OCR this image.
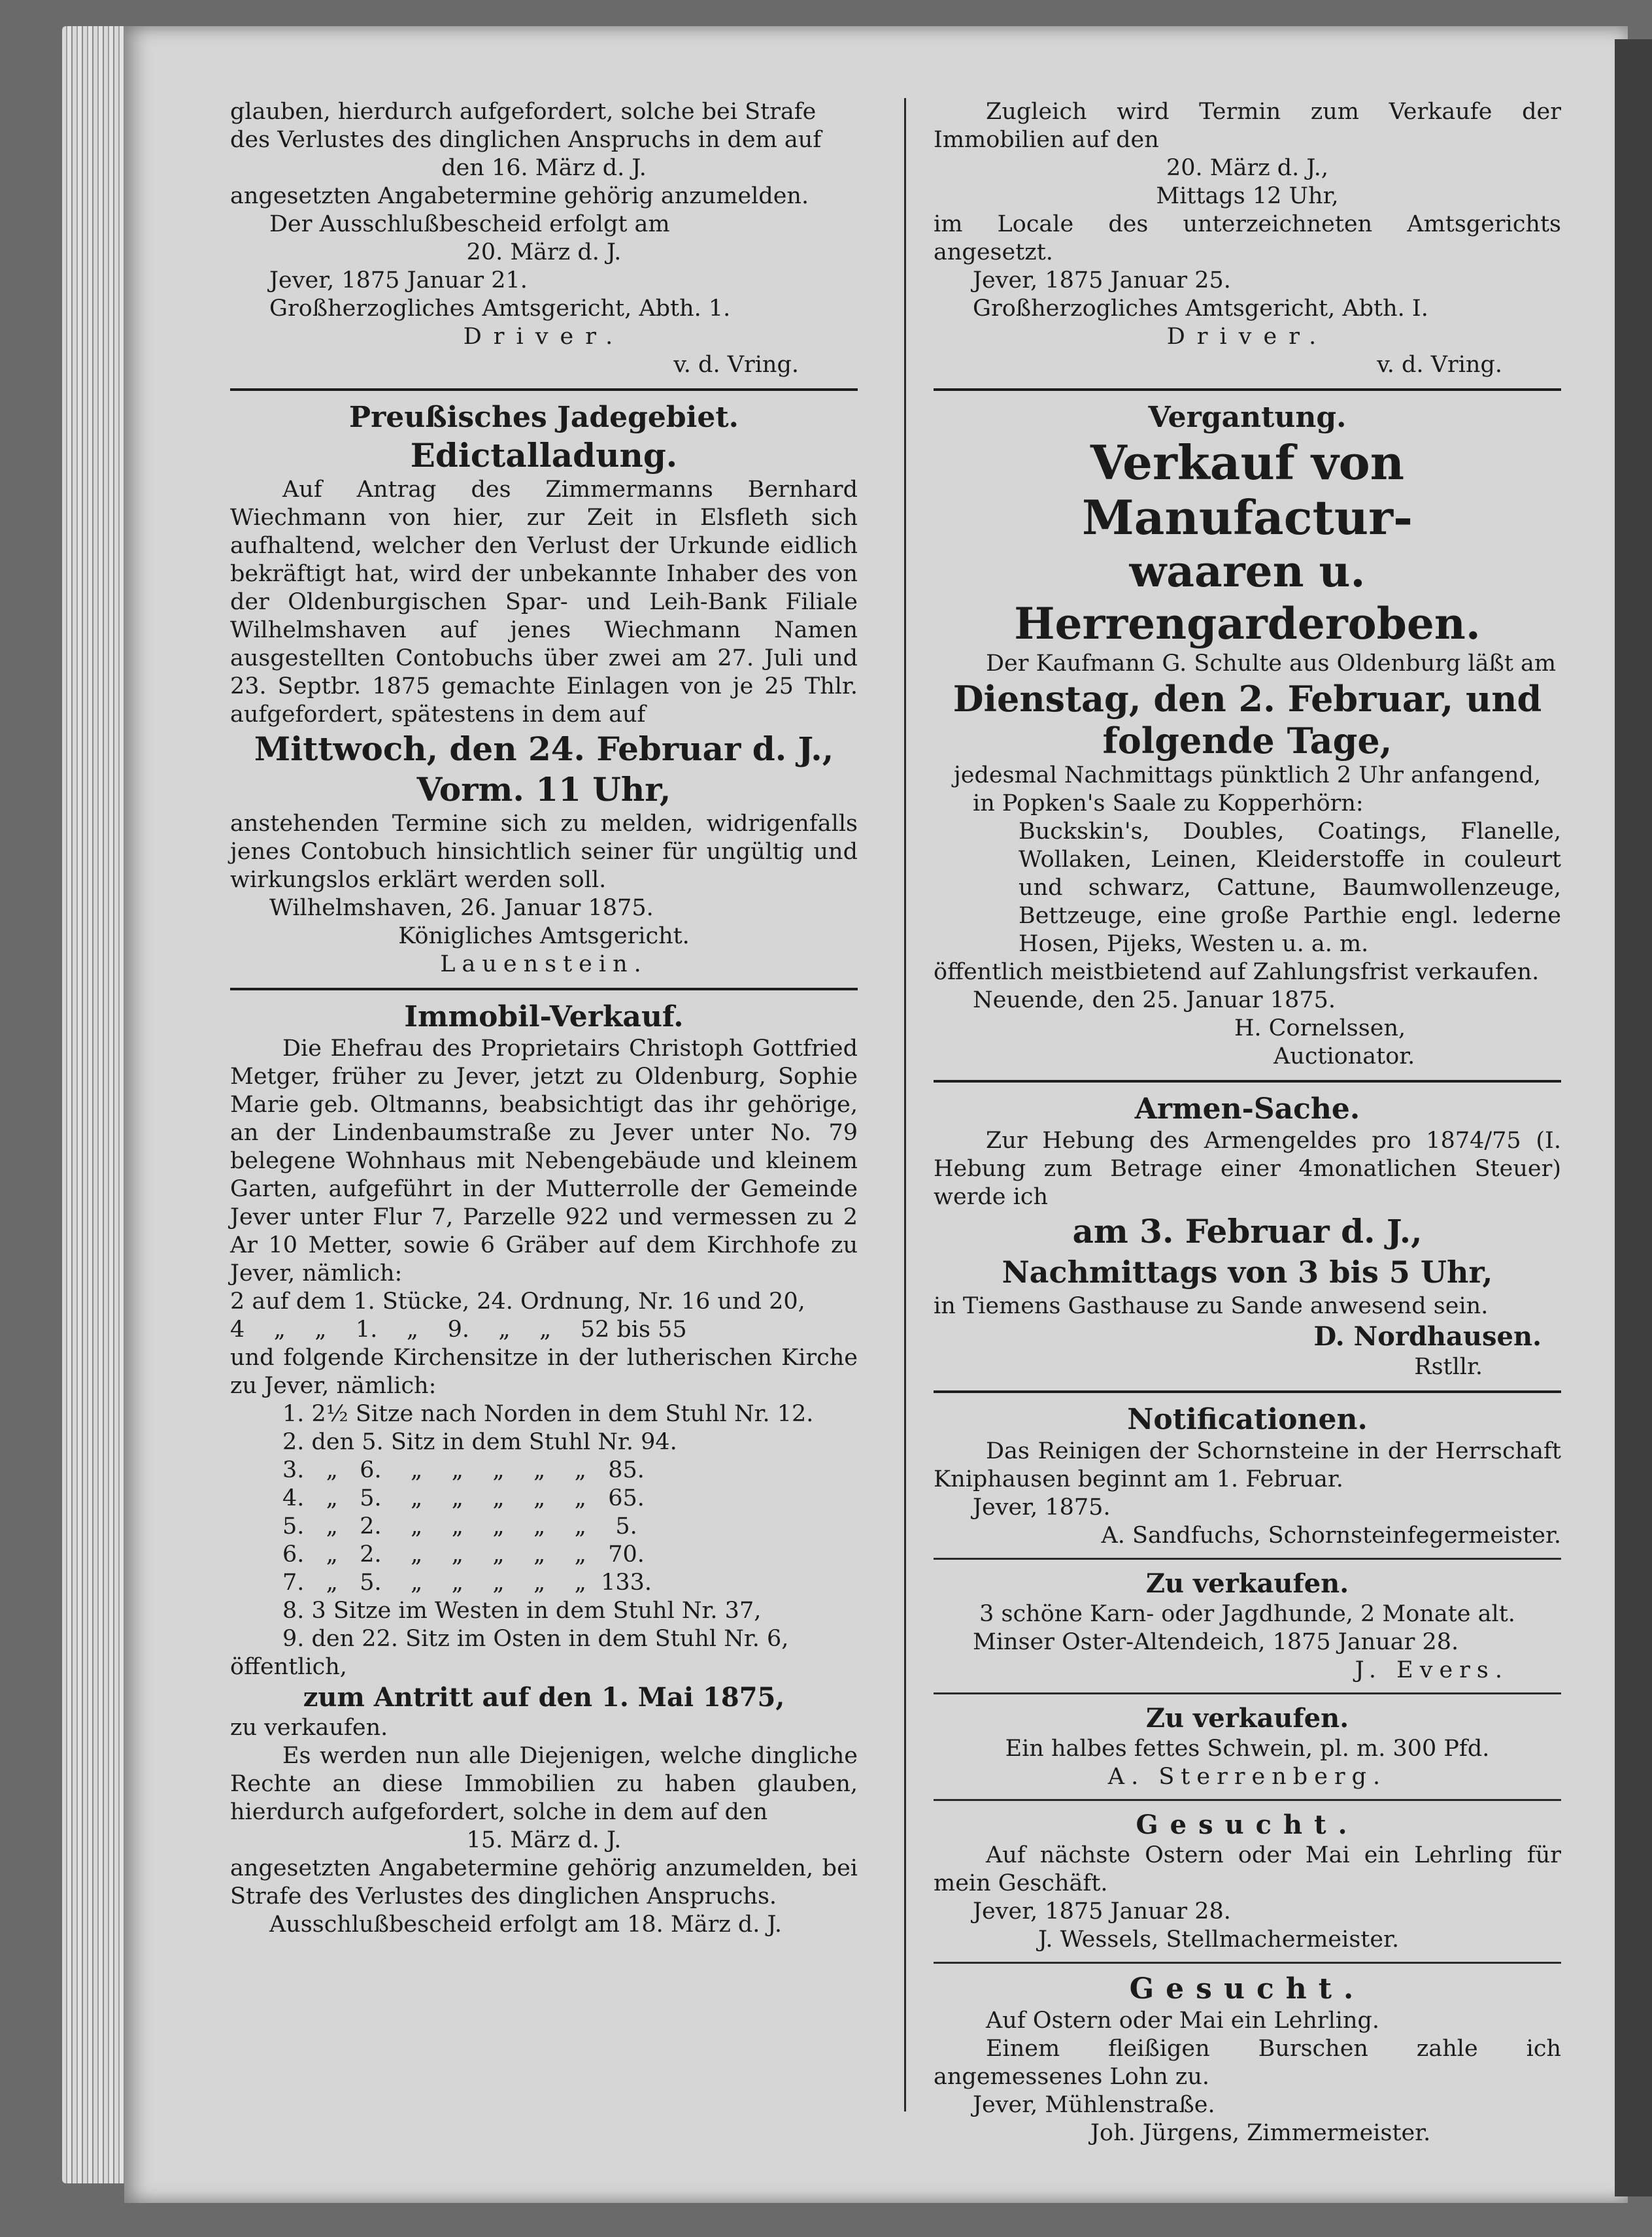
glauben, hierdurch aufgefordert, solche bei Strafe

des Verlustes des dinglichen Anspruchs in dem auf

den 16. März d. J.

angesetzten Angabetermine gehörig anzumelden.

Der Ausschlußbescheid erfolgt am

20. März d. J.

Jever, 1875 Januar 21.

Großherzogliches Amtsgericht, Abth. 1.

Driver.

v. d. Vring.

Preußisches Jadegebiet.

Edictalladung.

Auf Antrag des Zimmermanns Bernhard Wiechmann von hier, zur Zeit in Elsfleth sich aufhaltend, welcher den Verlust der Urkunde eidlich bekräftigt hat, wird der unbekannte Inhaber des von der Oldenburgischen Spar- und Leih-Bank Filiale Wilhelmshaven auf jenes Wiechmann Namen ausgestellten Contobuchs über zwei am 27. Juli und 23. Septbr. 1875 gemachte Einlagen von je 25 Thlr. aufgefordert, spätestens in dem auf

Mittwoch, den 24. Februar d. J.,

Vorm. 11 Uhr,

anstehenden Termine sich zu melden, widrigenfalls jenes Contobuch hinsichtlich seiner für ungültig und wirkungslos erklärt werden soll.

Wilhelmshaven, 26. Januar 1875.

Königliches Amtsgericht.

Lauenstein.

Immobil-Verkauf.

Die Ehefrau des Proprietairs Christoph Gottfried Metger, früher zu Jever, jetzt zu Oldenburg, Sophie Marie geb. Oltmanns, beabsichtigt das ihr gehörige, an der Lindenbaumstraße zu Jever unter No. 79 belegene Wohnhaus mit Nebengebäude und kleinem Garten, aufgeführt in der Mutterrolle der Gemeinde Jever unter Flur 7, Parzelle 922 und vermessen zu 2 Ar 10 Metter, sowie 6 Gräber auf dem Kirchhofe zu Jever, nämlich:

2 auf dem 1. Stücke, 24. Ordnung, Nr. 16 und 20,

4    „    „    1.    „    9.    „    „    52 bis 55

und folgende Kirchensitze in der lutherischen Kirche zu Jever, nämlich:

1. 2½ Sitze nach Norden in dem Stuhl Nr. 12.

2. den 5. Sitz in dem Stuhl Nr. 94.

3.   „   6.    „    „    „    „    „   85.

4.   „   5.    „    „    „    „    „   65.

5.   „   2.    „    „    „    „    „    5.

6.   „   2.    „    „    „    „    „   70.

7.   „   5.    „    „    „    „    „  133.

8. 3 Sitze im Westen in dem Stuhl Nr. 37,

9. den 22. Sitz im Osten in dem Stuhl Nr. 6,

öffentlich,

zum Antritt auf den 1. Mai 1875,

zu verkaufen.

Es werden nun alle Diejenigen, welche dingliche Rechte an diese Immobilien zu haben glauben, hierdurch aufgefordert, solche in dem auf den

15. März d. J.

angesetzten Angabetermine gehörig anzumelden, bei Strafe des Verlustes des dinglichen Anspruchs.

Ausschlußbescheid erfolgt am 18. März d. J.

Zugleich wird Termin zum Verkaufe der Immobilien auf den

20. März d. J.,

Mittags 12 Uhr,

im Locale des unterzeichneten Amtsgerichts angesetzt.

Jever, 1875 Januar 25.

Großherzogliches Amtsgericht, Abth. I.

Driver.

v. d. Vring.

Vergantung.

Verkauf von Manufactur-

waaren u. Herrengarderoben.

Der Kaufmann G. Schulte aus Oldenburg läßt am

Dienstag, den 2. Februar, und

folgende Tage,

jedesmal Nachmittags pünktlich 2 Uhr anfangend,

in Popken's Saale zu Kopperhörn:

Buckskin's, Doubles, Coatings, Flanelle, Wollaken, Leinen, Kleiderstoffe in couleurt und schwarz, Cattune, Baumwollenzeuge, Bettzeuge, eine große Parthie engl. lederne Hosen, Pijeks, Westen u. a. m.

öffentlich meistbietend auf Zahlungsfrist verkaufen.

Neuende, den 25. Januar 1875.

H. Cornelssen,

Auctionator.

Armen-Sache.

Zur Hebung des Armengeldes pro 1874/75 (I. Hebung zum Betrage einer 4monatlichen Steuer) werde ich

am 3. Februar d. J.,

Nachmittags von 3 bis 5 Uhr,

in Tiemens Gasthause zu Sande anwesend sein.

D. Nordhausen.

Rstllr.

Notificationen.

Das Reinigen der Schornsteine in der Herrschaft Kniphausen beginnt am 1. Februar.

Jever, 1875.

A. Sandfuchs, Schornsteinfegermeister.

Zu verkaufen.

3 schöne Karn- oder Jagdhunde, 2 Monate alt.

Minser Oster-Altendeich, 1875 Januar 28.

J. Evers.

Zu verkaufen.

Ein halbes fettes Schwein, pl. m. 300 Pfd.

A. Sterrenberg.

Gesucht.

Auf nächste Ostern oder Mai ein Lehrling für mein Geschäft.

Jever, 1875 Januar 28.

J. Wessels, Stellmachermeister.

Gesucht.

Auf Ostern oder Mai ein Lehrling.

Einem fleißigen Burschen zahle ich angemessenes Lohn zu.

Jever, Mühlenstraße.

Joh. Jürgens, Zimmermeister.
